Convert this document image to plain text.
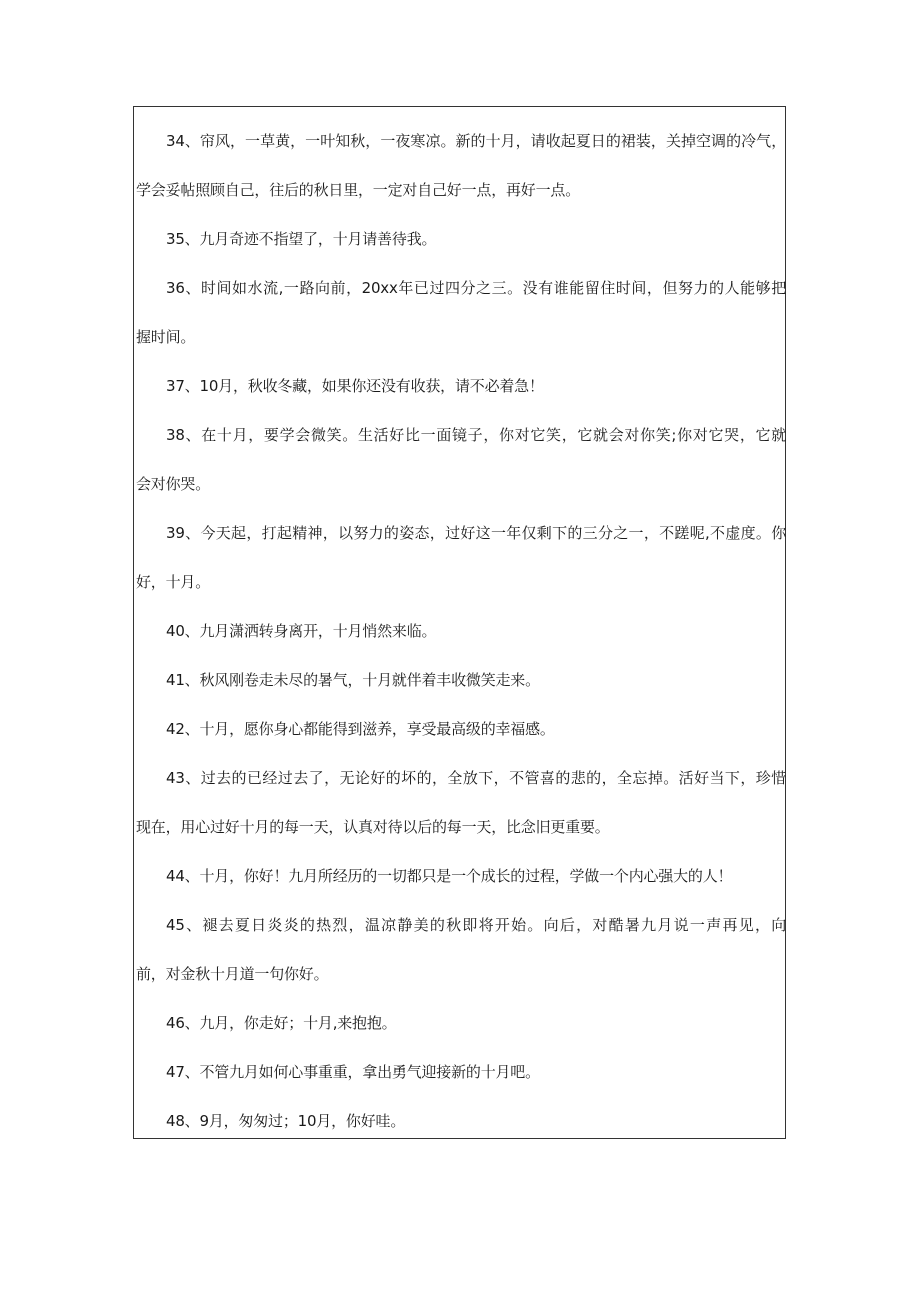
34、帘风，一草黄，一叶知秋，一夜寒凉。新的十月，请收起夏日的裙装，关掉空调的冷气，
学会妥帖照顾自己，往后的秋日里，一定对自己好一点，再好一点。
35、九月奇迹不指望了，十月请善待我。
36、时间如水流,一路向前，20xx年已过四分之三。没有谁能留住时间，但努力的人能够把
握时间。
37、10月，秋收冬藏，如果你还没有收获，请不必着急！
38、在十月，要学会微笑。生活好比一面镜子，你对它笑，它就会对你笑;你对它哭，它就
会对你哭。
39、今天起，打起精神，以努力的姿态，过好这一年仅剩下的三分之一，不蹉呢,不虚度。你
好，十月。
40、九月潇洒转身离开，十月悄然来临。
41、秋风刚卷走未尽的暑气，十月就伴着丰收微笑走来。
42、十月，愿你身心都能得到滋养，享受最高级的幸福感。
43、过去的已经过去了，无论好的坏的，全放下，不管喜的悲的，全忘掉。活好当下，珍惜
现在，用心过好十月的每一天，认真对待以后的每一天，比念旧更重要。
44、十月，你好！九月所经历的一切都只是一个成长的过程，学做一个内心强大的人！
45、褪去夏日炎炎的热烈，温凉静美的秋即将开始。向后，对酷暑九月说一声再见，向
前，对金秋十月道一句你好。
46、九月，你走好；十月,来抱抱。
47、不管九月如何心事重重，拿出勇气迎接新的十月吧。
48、9月，匆匆过；10月，你好哇。
